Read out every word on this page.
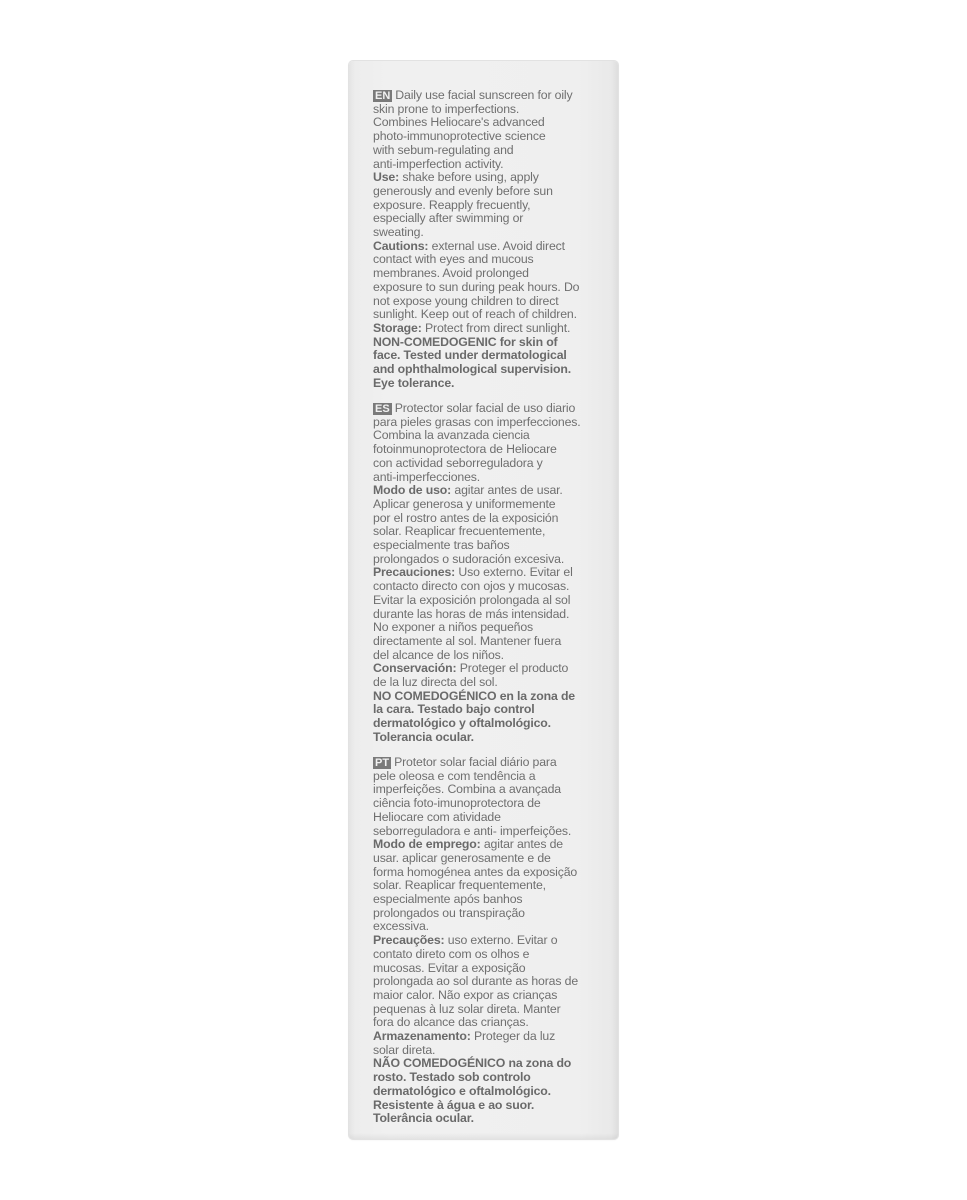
EN Daily use facial sunscreen for oily
skin prone to imperfections.
Combines Heliocare's advanced
photo-immunoprotective science
with sebum-regulating and
anti-imperfection activity.
Use: shake before using, apply
generously and evenly before sun
exposure. Reapply frecuently,
especially after swimming or
sweating.
Cautions: external use. Avoid direct
contact with eyes and mucous
membranes. Avoid prolonged
exposure to sun during peak hours. Do
not expose young children to direct
sunlight. Keep out of reach of children.
Storage: Protect from direct sunlight.
NON-COMEDOGENIC for skin of
face. Tested under dermatological
and ophthalmological supervision.
Eye tolerance.
ES Protector solar facial de uso diario
para pieles grasas con imperfecciones.
Combina la avanzada ciencia
fotoinmunoprotectora de Heliocare
con actividad seborreguladora y
anti-imperfecciones.
Modo de uso: agitar antes de usar.
Aplicar generosa y uniformemente
por el rostro antes de la exposición
solar. Reaplicar frecuentemente,
especialmente tras baños
prolongados o sudoración excesiva.
Precauciones: Uso externo. Evitar el
contacto directo con ojos y mucosas.
Evitar la exposición prolongada al sol
durante las horas de más intensidad.
No exponer a niños pequeños
directamente al sol. Mantener fuera
del alcance de los niños.
Conservación: Proteger el producto
de la luz directa del sol.
NO COMEDOGÉNICO en la zona de
la cara. Testado bajo control
dermatológico y oftalmológico.
Tolerancia ocular.
PT Protetor solar facial diário para
pele oleosa e com tendência a
imperfeições. Combina a avançada
ciência foto-imunoprotectora de
Heliocare com atividade
seborreguladora e anti- imperfeições.
Modo de emprego: agitar antes de
usar. aplicar generosamente e de
forma homogénea antes da exposição
solar. Reaplicar frequentemente,
especialmente após banhos
prolongados ou transpiração
excessiva.
Precauções: uso externo. Evitar o
contato direto com os olhos e
mucosas. Evitar a exposição
prolongada ao sol durante as horas de
maior calor. Não expor as crianças
pequenas à luz solar direta. Manter
fora do alcance das crianças.
Armazenamento: Proteger da luz
solar direta.
NÃO COMEDOGÉNICO na zona do
rosto. Testado sob controlo
dermatológico e oftalmológico.
Resistente à água e ao suor.
Tolerância ocular.
